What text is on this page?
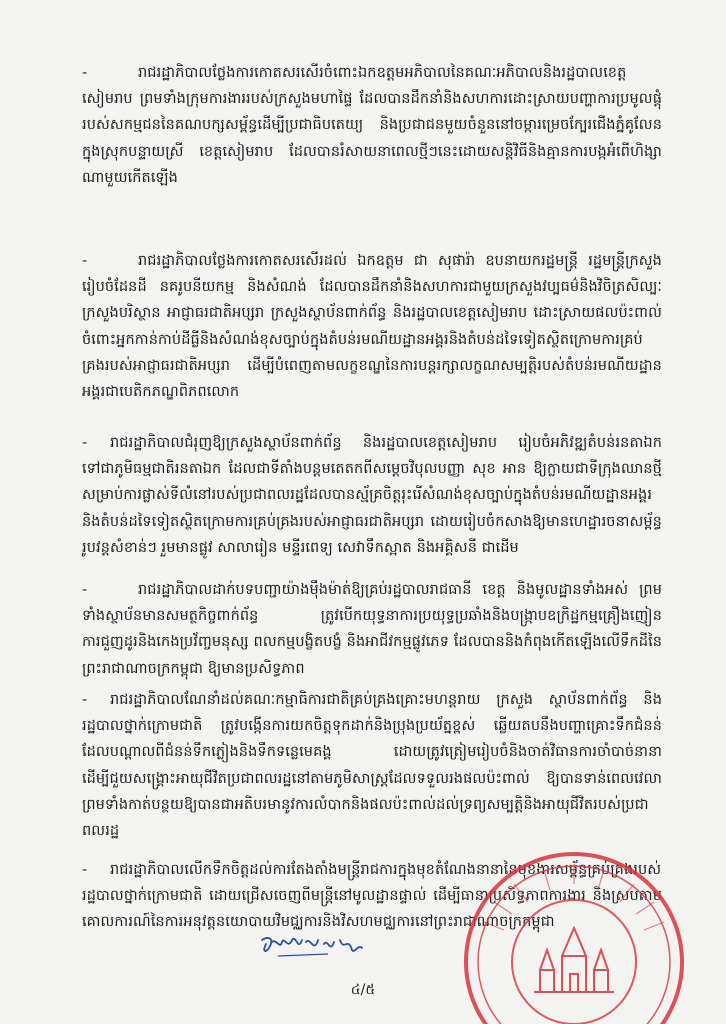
-	រាជរដ្ឋាភិបាលថ្លែងការកោតសរសើរចំពោះឯកឧត្តមអភិបាលនៃគណៈអភិបាលនិងរដ្ឋបាលខេត្តសៀមរាប ព្រមទាំងក្រុមការងាររបស់ក្រសួងមហាផ្ទៃ ដែលបានដឹកនាំនិងសហការដោះស្រាយបញ្ហាការប្រមូលផ្តុំរបស់សកម្មជននៃគណបក្សសម្ព័ន្ធដើម្បីប្រជាធិបតេយ្យ និងប្រជាជនមួយចំនួននៅចម្ការម្រេចក្បែរជើងភ្នំគូលែន ក្នុងស្រុកបន្ទាយស្រី ខេត្តសៀមរាប ដែលបានរំសាយនាពេលថ្មីៗនេះដោយសន្តិវិធីនិងគ្មានការបង្កអំពើហិង្សាណាមួយកើតឡើង

-	រាជរដ្ឋាភិបាលថ្លែងការកោតសរសើរដល់ ឯកឧត្តម ជា សុផារ៉ា ឧបនាយករដ្ឋមន្ត្រី រដ្ឋមន្ត្រីក្រសួងរៀបចំដែនដី នគរូបនីយកម្ម និងសំណង់ ដែលបានដឹកនាំនិងសហការជាមួយក្រសួងវប្បធម៌និងវិចិត្រសិល្បៈ ក្រសួងបរិស្ថាន អាជ្ញាធរជាតិអប្សរា ក្រសួងស្ថាប័នពាក់ព័ន្ធ និងរដ្ឋបាលខេត្តសៀមរាប ដោះស្រាយផលប៉ះពាល់ចំពោះអ្នកកាន់កាប់ដីធ្លីនិងសំណង់ខុសច្បាប់ក្នុងតំបន់រមណីយដ្ឋានអង្គរនិងតំបន់ដទៃទៀតស្ថិតក្រោមការគ្រប់គ្រងរបស់អាជ្ញាធរជាតិអប្សរា ដើម្បីបំពេញតាមលក្ខខណ្ឌនៃការបន្តរក្សាលក្ខណសម្បត្តិរបស់តំបន់រមណីយដ្ឋានអង្គរជាបេតិកភណ្ឌពិភពលោក

- រាជរដ្ឋាភិបាលជំរុញឱ្យក្រសួងស្ថាប័នពាក់ព័ន្ធ និងរដ្ឋបាលខេត្តសៀមរាប រៀបចំអភិវឌ្ឍតំបន់រនតាឯក ទៅជាភូមិធម្មជាតិរនតាឯក ដែលជាទីតាំងបន្តមតេតកពីសម្តេចវិបុលបញ្ញា សុខ អាន ឱ្យក្លាយជាទីក្រុងឈានថ្មីសម្រាប់ការផ្លាស់ទីលំនៅរបស់ប្រជាពលរដ្ឋដែលបានស្ម័គ្រចិត្តរុះរើសំណង់ខុសច្បាប់ក្នុងតំបន់រមណីយដ្ឋានអង្គរនិងតំបន់ដទៃទៀតស្ថិតក្រោមការគ្រប់គ្រងរបស់អាជ្ញាធរជាតិអប្សរា ដោយរៀបចំកសាងឱ្យមានហេដ្ឋារចនាសម្ព័ន្ធរូបវន្តសំខាន់ៗ រួមមានផ្លូវ សាលារៀន មន្ទីរពេទ្យ សេវាទឹកស្អាត និងអគ្គិសនី ជាដើម

-	រាជរដ្ឋាភិបាលដាក់បទបញ្ជាយ៉ាងម៉ឹងម៉ាត់ឱ្យគ្រប់រដ្ឋបាលរាជធានី ខេត្ត និងមូលដ្ឋានទាំងអស់ ព្រមទាំងស្ថាប័នមានសមត្ថកិច្ចពាក់ព័ន្ធ ត្រូវបើកយុទ្ធនាការប្រយុទ្ធប្រឆាំងនិងបង្ក្រាបឧក្រិដ្ឋកម្មគ្រឿងញៀន ការជួញដូរនិងកេងប្រវ័ញ្ចមនុស្ស ពលកម្មបង្ខិតបង្ខំ និងអាជីវកម្មផ្លូវភេទ ដែលបាននិងកំពុងកើតឡើងលើទឹកដីនៃព្រះរាជាណាចក្រកម្ពុជា ឱ្យមានប្រសិទ្ធភាព

- រាជរដ្ឋាភិបាលណែនាំដល់គណៈកម្មាធិការជាតិគ្រប់គ្រងគ្រោះមហន្តរាយ ក្រសួង ស្ថាប័នពាក់ព័ន្ធ និងរដ្ឋបាលថ្នាក់ក្រោមជាតិ ត្រូវបង្កើនការយកចិត្តទុកដាក់និងប្រុងប្រយ័ត្នខ្ពស់ ឆ្លើយតបនឹងបញ្ហាគ្រោះទឹកជំនន់ដែលបណ្តាលពីជំនន់ទឹកភ្លៀងនិងទឹកទន្លេមេគង្គ ដោយត្រូវត្រៀមរៀបចំនិងចាត់វិធានការចាំបាច់នានាដើម្បីជួយសង្គ្រោះអាយុជីវិតប្រជាពលរដ្ឋនៅតាមភូមិសាស្ត្រដែលទទួលរងផលប៉ះពាល់ ឱ្យបានទាន់ពេលវេលា ព្រមទាំងកាត់បន្ថយឱ្យបានជាអតិបរមានូវការលំបាកនិងផលប៉ះពាល់ដល់ទ្រព្យសម្បត្តិនិងអាយុជីវិតរបស់ប្រជាពលរដ្ឋ

- រាជរដ្ឋាភិបាលលើកទឹកចិត្តដល់ការតែងតាំងមន្ត្រីរាជការក្នុងមុខតំណែងនានានៃមុខងារសម្ព័ន្ធគ្រប់គ្រងរបស់រដ្ឋបាលថ្នាក់ក្រោមជាតិ ដោយជ្រើសចេញពីមន្ត្រីនៅមូលដ្ឋានផ្ទាល់ ដើម្បីធានាប្រសិទ្ធភាពការងារ និងស្របតាមគោលការណ៍នៃការអនុវត្តនយោបាយវិមជ្ឈការនិងវិសហមជ្ឈការនៅព្រះរាជាណាចក្រកម្ពុជា

៤/៥
